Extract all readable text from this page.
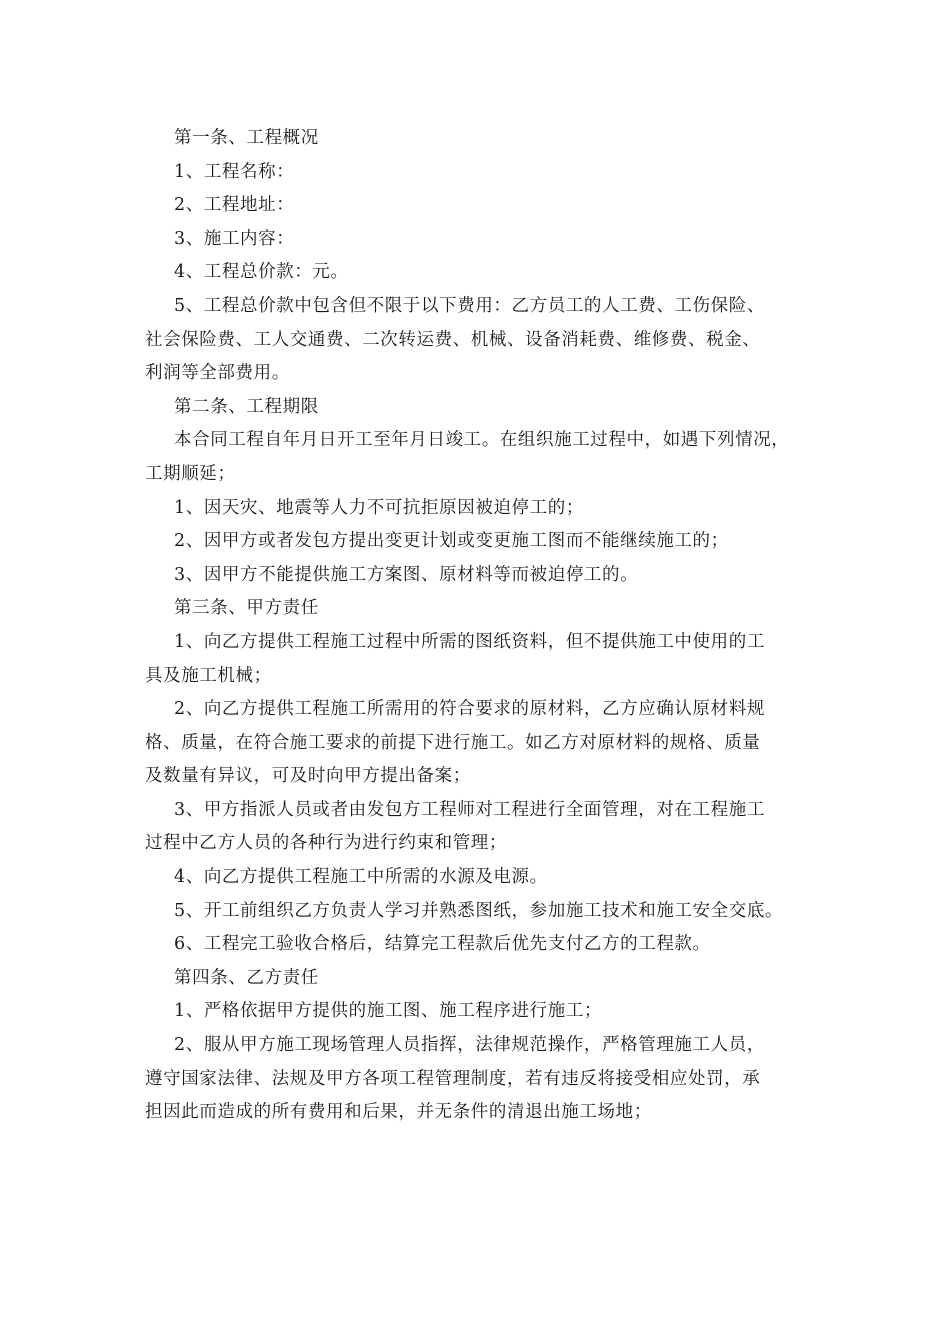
第一条、工程概况
1、工程名称：
2、工程地址：
3、施工内容：
4、工程总价款：元。
5、工程总价款中包含但不限于以下费用：乙方员工的人工费、工伤保险、
社会保险费、工人交通费、二次转运费、机械、设备消耗费、维修费、税金、
利润等全部费用。
第二条、工程期限
本合同工程自年月日开工至年月日竣工。在组织施工过程中，如遇下列情况，
工期顺延；
1、因天灾、地震等人力不可抗拒原因被迫停工的；
2、因甲方或者发包方提出变更计划或变更施工图而不能继续施工的；
3、因甲方不能提供施工方案图、原材料等而被迫停工的。
第三条、甲方责任
1、向乙方提供工程施工过程中所需的图纸资料，但不提供施工中使用的工
具及施工机械；
2、向乙方提供工程施工所需用的符合要求的原材料，乙方应确认原材料规
格、质量，在符合施工要求的前提下进行施工。如乙方对原材料的规格、质量
及数量有异议，可及时向甲方提出备案；
3、甲方指派人员或者由发包方工程师对工程进行全面管理，对在工程施工
过程中乙方人员的各种行为进行约束和管理；
4、向乙方提供工程施工中所需的水源及电源。
5、开工前组织乙方负责人学习并熟悉图纸，参加施工技术和施工安全交底。
6、工程完工验收合格后，结算完工程款后优先支付乙方的工程款。
第四条、乙方责任
1、严格依据甲方提供的施工图、施工程序进行施工；
2、服从甲方施工现场管理人员指挥，法律规范操作，严格管理施工人员，
遵守国家法律、法规及甲方各项工程管理制度，若有违反将接受相应处罚，承
担因此而造成的所有费用和后果，并无条件的清退出施工场地；
